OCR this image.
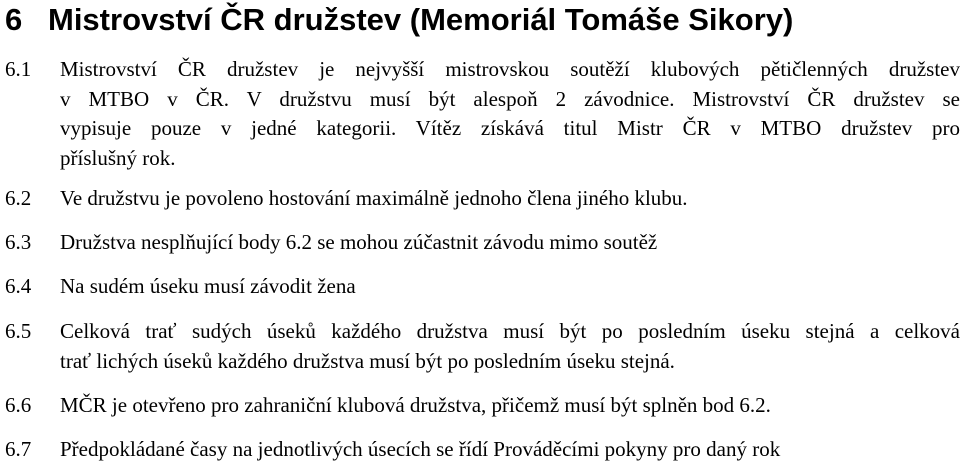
6 Mistrovství ČR družstev (Memoriál Tomáše Sikory)
6.1	Mistrovství ČR družstev je nejvyšší mistrovskou soutěží klubových pětičlenných družstev
v MTBO v ČR. V družstvu musí být alespoň 2 závodnice. Mistrovství ČR družstev se
vypisuje pouze v jedné kategorii. Vítěz získává titul Mistr ČR v MTBO družstev pro
příslušný rok.
6.2	Ve družstvu je povoleno hostování maximálně jednoho člena jiného klubu.
6.3	Družstva nesplňující body 6.2 se mohou zúčastnit závodu mimo soutěž
6.4	Na sudém úseku musí závodit žena
6.5	Celková trať sudých úseků každého družstva musí být po posledním úseku stejná a celková
trať lichých úseků každého družstva musí být po posledním úseku stejná.
6.6	MČR je otevřeno pro zahraniční klubová družstva, přičemž musí být splněn bod 6.2.
6.7	Předpokládané časy na jednotlivých úsecích se řídí Prováděcími pokyny pro daný rok
